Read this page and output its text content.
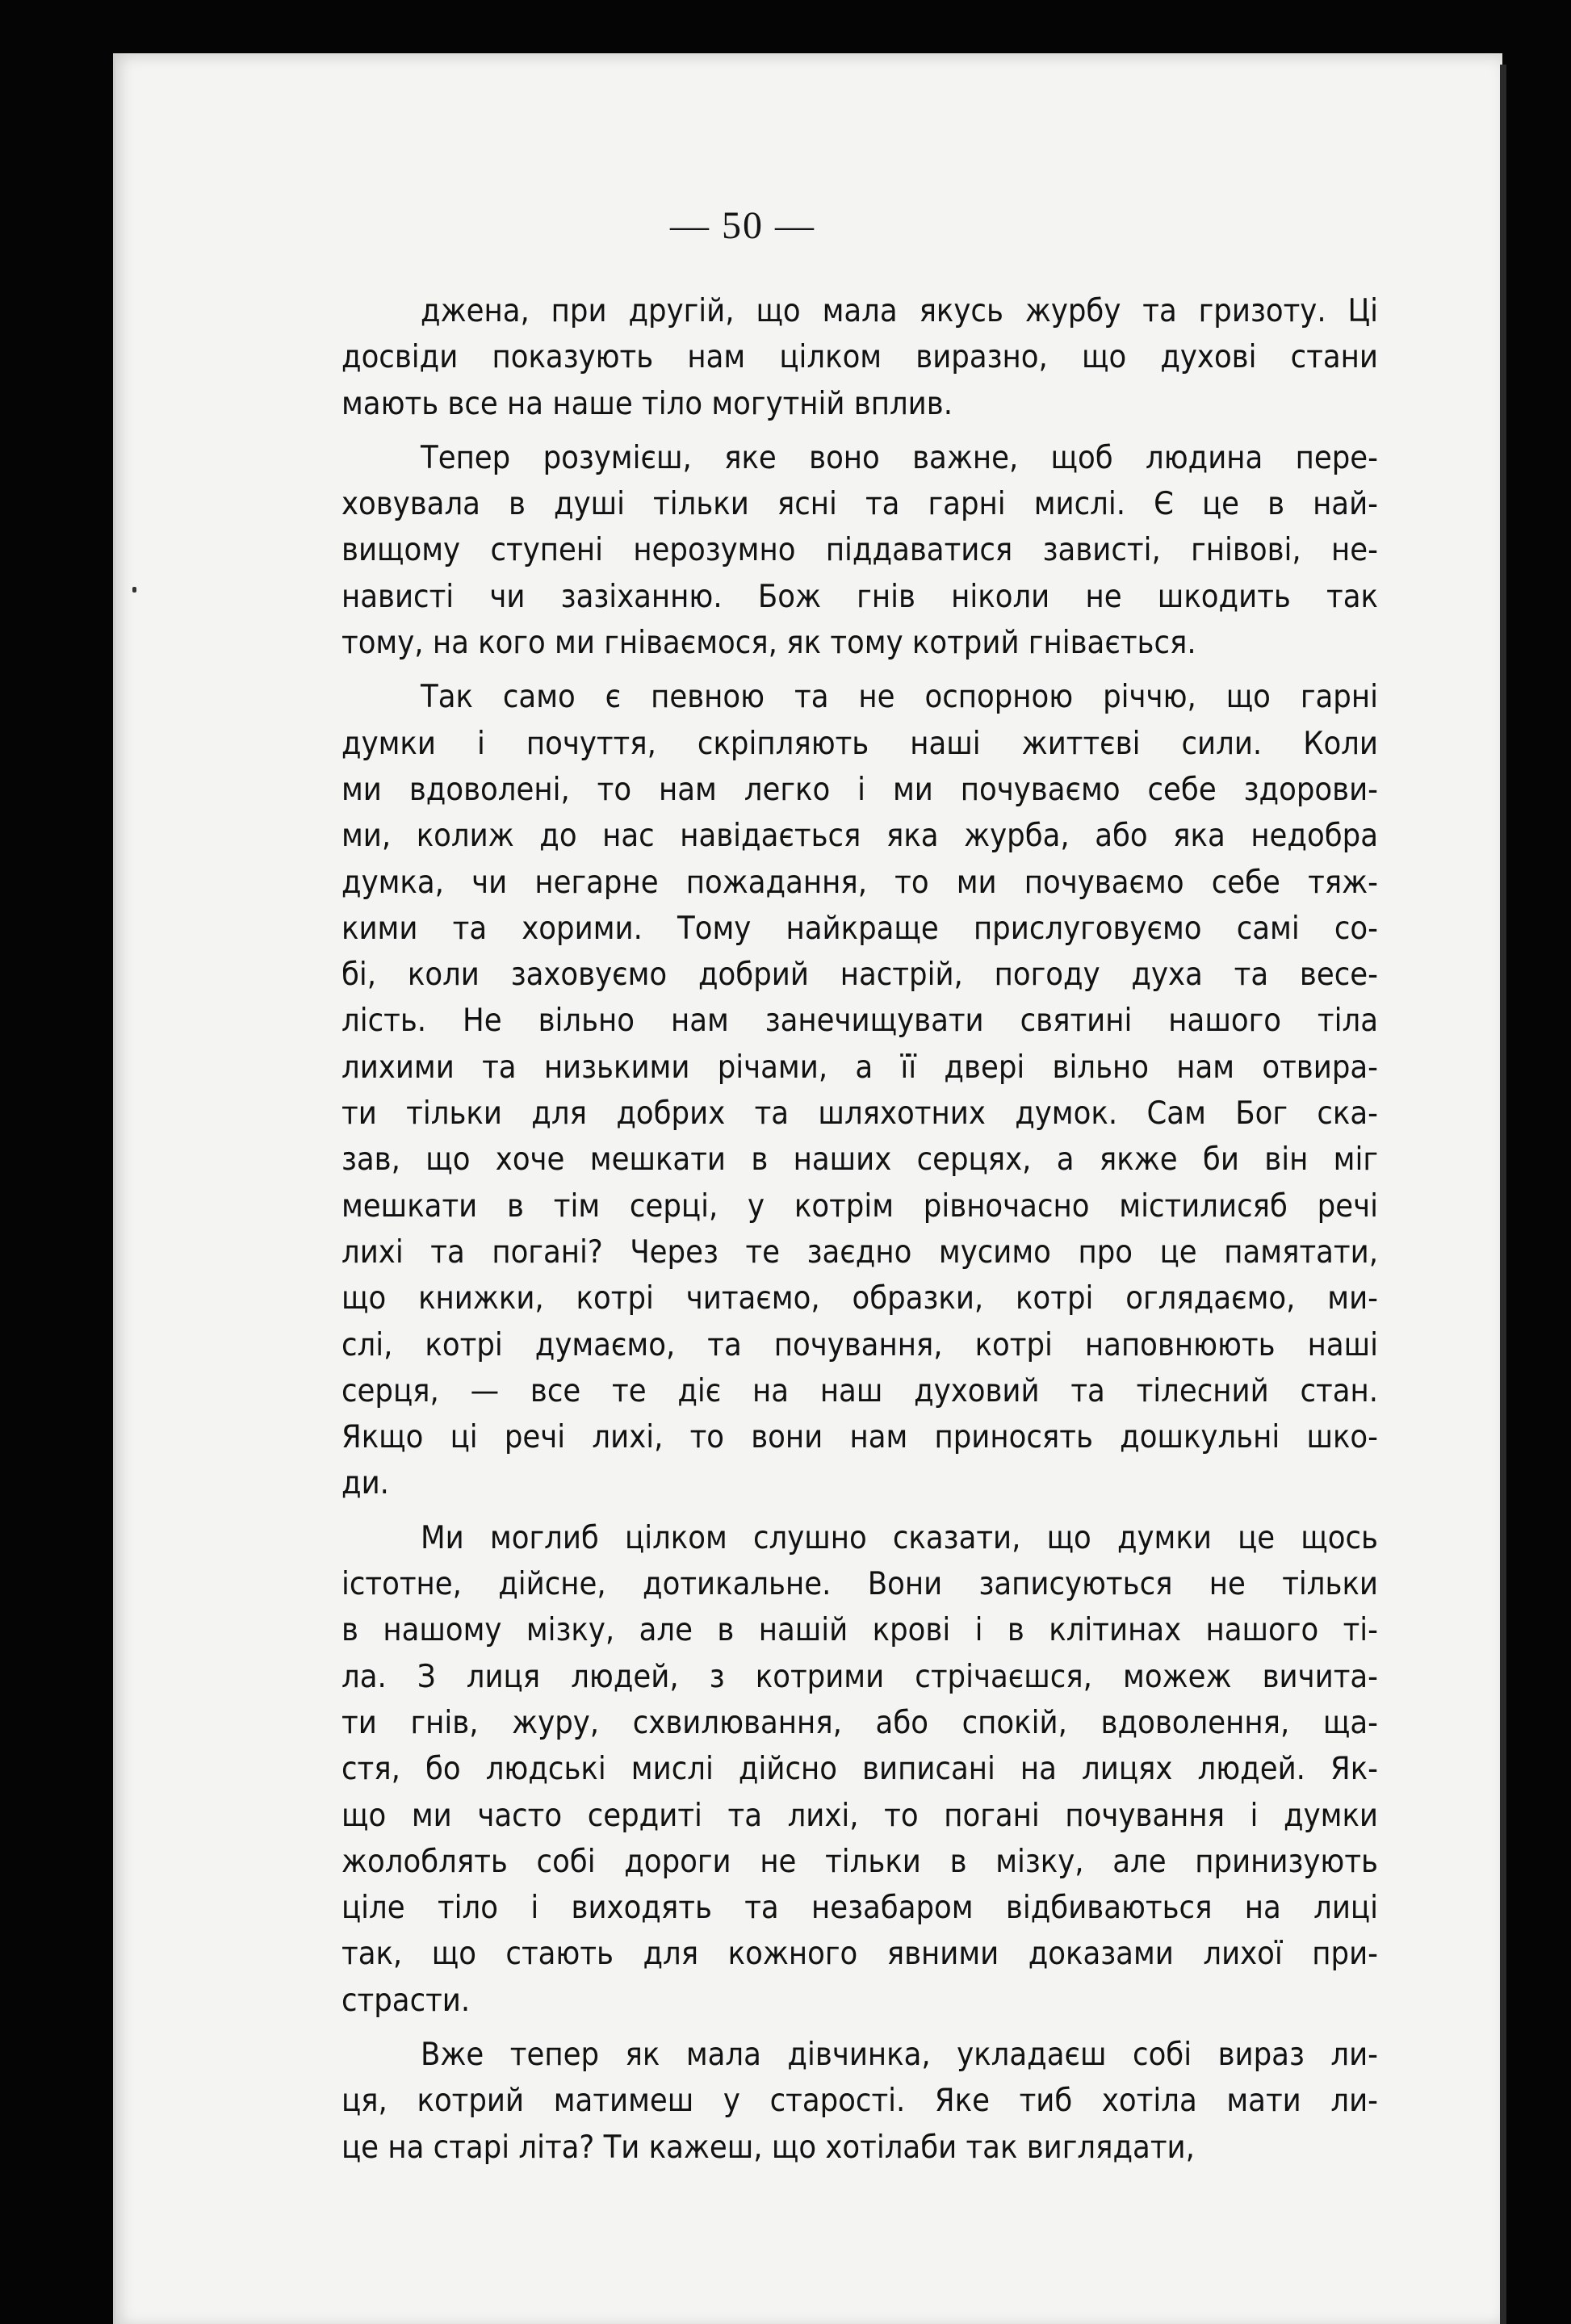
— 50 —
джена, при другій, що мала якусь журбу та гризоту. Ці
досвіди показують нам цілком виразно, що духові стани
мають все на наше тіло могутній вплив.
Тепер розумієш, яке воно важне, щоб людина пере-
ховувала в душі тільки ясні та гарні мислі. Є це в най-
вищому ступені нерозумно піддаватися зависті, гнівові, не-
нависті чи зазіханню. Бож гнів ніколи не шкодить так
тому, на кого ми гніваємося, як тому котрий гнівається.
Так само є певною та не оспорною річчю, що гарні
думки і почуття, скріпляють наші життєві сили. Коли
ми вдоволені, то нам легко і ми почуваємо себе здорови-
ми, колиж до нас навідається яка журба, або яка недобра
думка, чи негарне пожадання, то ми почуваємо себе тяж-
кими та хорими. Тому найкраще прислуговуємо самі со-
бі, коли заховуємо добрий настрій, погоду духа та весе-
лість. Не вільно нам занечищувати святині нашого тіла
лихими та низькими річами, а її двері вільно нам отвира-
ти тільки для добрих та шляхотних думок. Сам Бог ска-
зав, що хоче мешкати в наших серцях, а якже би він міг
мешкати в тім серці, у котрім рівночасно містилисяб речі
лихі та погані? Через те заєдно мусимо про це памятати,
що книжки, котрі читаємо, образки, котрі оглядаємо, ми-
слі, котрі думаємо, та почування, котрі наповнюють наші
серця, — все те діє на наш духовий та тілесний стан.
Якщо ці речі лихі, то вони нам приносять дошкульні шко-
ди.
Ми моглиб цілком слушно сказати, що думки це щось
істотне, дійсне, дотикальне. Вони записуються не тільки
в нашому мізку, але в нашій крові і в клітинах нашого ті-
ла. З лиця людей, з котрими стрічаєшся, можеж вичита-
ти гнів, журу, схвилювання, або спокій, вдоволення, ща-
стя, бо людські мислі дійсно виписані на лицях людей. Як-
що ми часто сердиті та лихі, то погані почування і думки
жолоблять собі дороги не тільки в мізку, але принизують
ціле тіло і виходять та незабаром відбиваються на лиці
так, що стають для кожного явними доказами лихої при-
страсти.
Вже тепер як мала дівчинка, укладаєш собі вираз ли-
ця, котрий матимеш у старості. Яке тиб хотіла мати ли-
це на старі літа? Ти кажеш, що хотілаби так виглядати,
